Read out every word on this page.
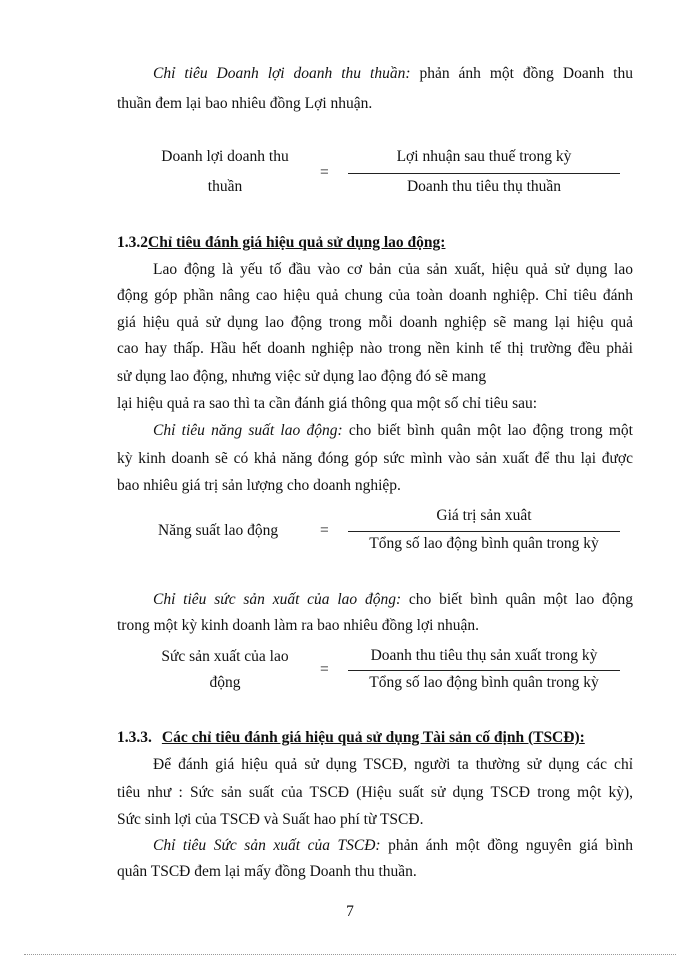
Chỉ tiêu Doanh lợi doanh thu thuần: phản ánh một đồng Doanh thu
thuần đem lại bao nhiêu đồng Lợi nhuận.
Doanh lợi doanh thu
thuần
=
Lợi nhuận sau thuế trong kỳ
Doanh thu tiêu thụ thuần
1.3.2Chỉ tiêu đánh giá hiệu quả sử dụng lao động:
Lao động là yếu tố đầu vào cơ bản của sản xuất, hiệu quả sử dụng lao
động góp phần nâng cao hiệu quả chung của toàn doanh nghiệp. Chỉ tiêu đánh
giá hiệu quả sử dụng lao động trong mỗi doanh nghiệp sẽ mang lại hiệu quả
cao hay thấp. Hầu hết doanh nghiệp nào trong nền kinh tế thị trường đều phải
sử dụng lao động, nhưng việc sử dụng lao động đó sẽ mang
lại hiệu quả ra sao thì ta cần đánh giá thông qua một số chỉ tiêu sau:
Chỉ tiêu năng suất lao động: cho biết bình quân một lao động trong một
kỳ kinh doanh sẽ có khả năng đóng góp sức mình vào sản xuất để thu lại được
bao nhiêu giá trị sản lượng cho doanh nghiệp.
Năng suất lao động	=
Giá trị sản xuât
Tổng số lao động bình quân trong kỳ
Chỉ tiêu sức sản xuất của lao động: cho biết bình quân một lao động
trong một kỳ kinh doanh làm ra bao nhiêu đồng lợi nhuận.
Sức sản xuất của lao
động
=
Doanh thu tiêu thụ sản xuất trong kỳ
Tổng số lao động bình quân trong kỳ
1.3.3. Các chỉ tiêu đánh giá hiệu quả sử dụng Tài sản cố định (TSCĐ):
Để đánh giá hiệu quả sử dụng TSCĐ, người ta thường sử dụng các chỉ
tiêu như : Sức sản suất của TSCĐ (Hiệu suất sử dụng TSCĐ trong một kỳ),
Sức sinh lợi của TSCĐ và Suất hao phí từ TSCĐ.
Chỉ tiêu Sức sản xuất của TSCĐ: phản ánh một đồng nguyên giá bình
quân TSCĐ đem lại mấy đồng Doanh thu thuần.
7
